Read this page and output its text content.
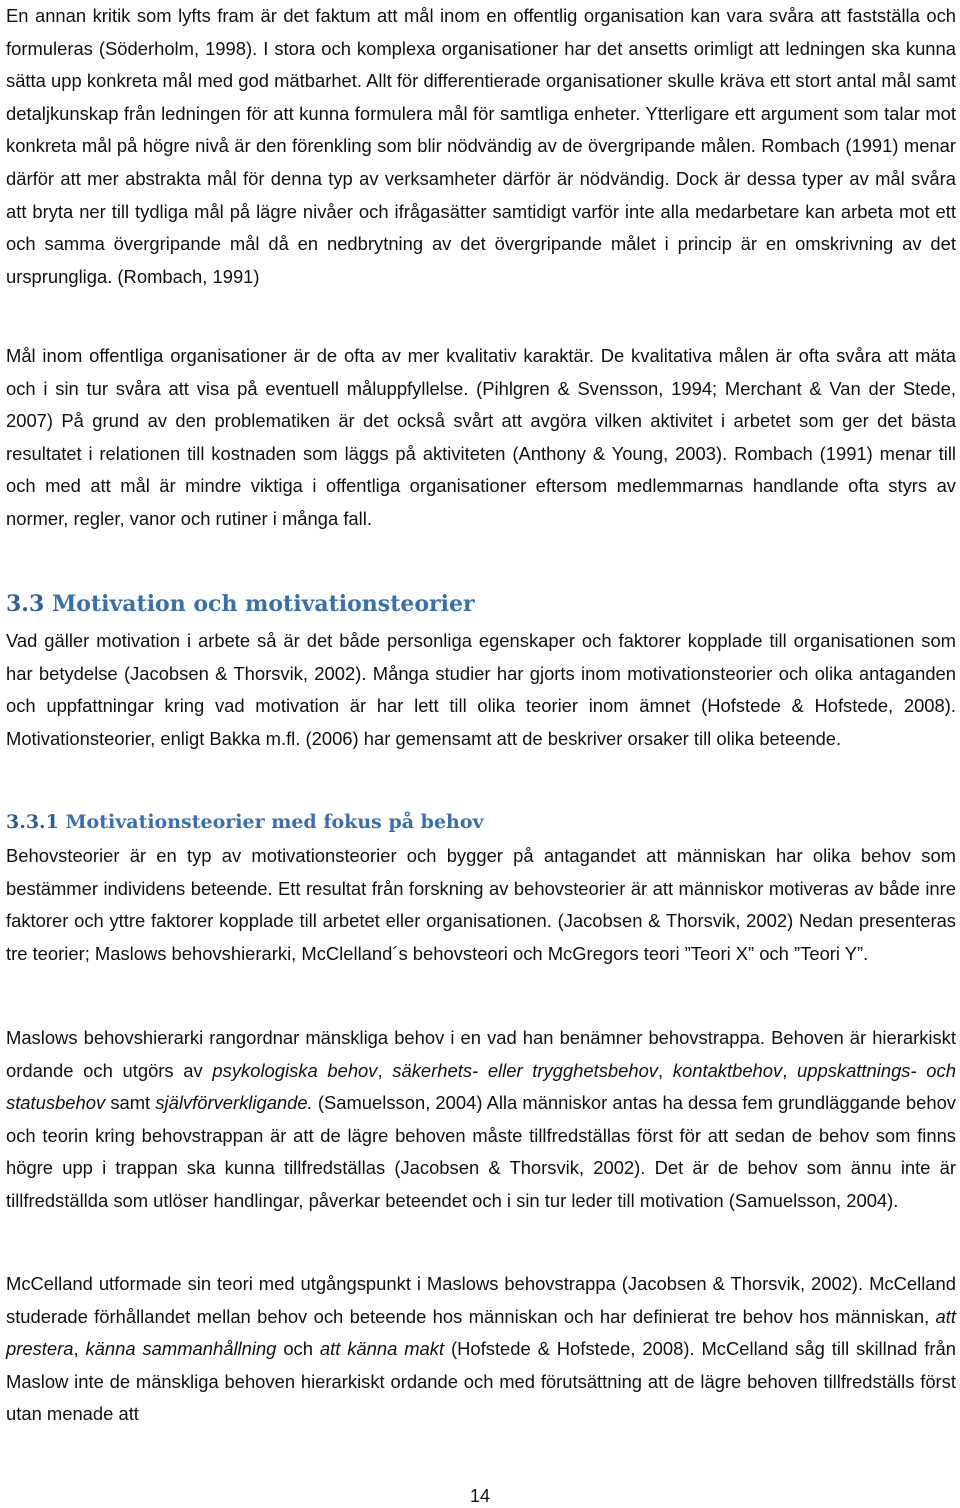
En annan kritik som lyfts fram är det faktum att mål inom en offentlig organisation kan vara svåra att fastställa och formuleras (Söderholm, 1998). I stora och komplexa organisationer har det ansetts orimligt att ledningen ska kunna sätta upp konkreta mål med god mätbarhet. Allt för differentierade organisationer skulle kräva ett stort antal mål samt detaljkunskap från ledningen för att kunna formulera mål för samtliga enheter. Ytterligare ett argument som talar mot konkreta mål på högre nivå är den förenkling som blir nödvändig av de övergripande målen. Rombach (1991) menar därför att mer abstrakta mål för denna typ av verksamheter därför är nödvändig. Dock är dessa typer av mål svåra att bryta ner till tydliga mål på lägre nivåer och ifrågasätter samtidigt varför inte alla medarbetare kan arbeta mot ett och samma övergripande mål då en nedbrytning av det övergripande målet i princip är en omskrivning av det ursprungliga. (Rombach, 1991)

Mål inom offentliga organisationer är de ofta av mer kvalitativ karaktär. De kvalitativa målen är ofta svåra att mäta och i sin tur svåra att visa på eventuell måluppfyllelse. (Pihlgren & Svensson, 1994; Merchant & Van der Stede, 2007) På grund av den problematiken är det också svårt att avgöra vilken aktivitet i arbetet som ger det bästa resultatet i relationen till kostnaden som läggs på aktiviteten (Anthony & Young, 2003). Rombach (1991) menar till och med att mål är mindre viktiga i offentliga organisationer eftersom medlemmarnas handlande ofta styrs av normer, regler, vanor och rutiner i många fall.

3.3 Motivation och motivationsteorier

Vad gäller motivation i arbete så är det både personliga egenskaper och faktorer kopplade till organisationen som har betydelse (Jacobsen & Thorsvik, 2002). Många studier har gjorts inom motivationsteorier och olika antaganden och uppfattningar kring vad motivation är har lett till olika teorier inom ämnet (Hofstede & Hofstede, 2008). Motivationsteorier, enligt Bakka m.fl. (2006) har gemensamt att de beskriver orsaker till olika beteende.

3.3.1 Motivationsteorier med fokus på behov

Behovsteorier är en typ av motivationsteorier och bygger på antagandet att människan har olika behov som bestämmer individens beteende. Ett resultat från forskning av behovsteorier är att människor motiveras av både inre faktorer och yttre faktorer kopplade till arbetet eller organisationen. (Jacobsen & Thorsvik, 2002) Nedan presenteras tre teorier; Maslows behovshierarki, McClelland´s behovsteori och McGregors teori ”Teori X” och ”Teori Y”.

Maslows behovshierarki rangordnar mänskliga behov i en vad han benämner behovstrappa. Behoven är hierarkiskt ordande och utgörs av psykologiska behov, säkerhets- eller trygghetsbehov, kontaktbehov, uppskattnings- och statusbehov samt självförverkligande. (Samuelsson, 2004) Alla människor antas ha dessa fem grundläggande behov och teorin kring behovstrappan är att de lägre behoven måste tillfredställas först för att sedan de behov som finns högre upp i trappan ska kunna tillfredställas (Jacobsen & Thorsvik, 2002). Det är de behov som ännu inte är tillfredställda som utlöser handlingar, påverkar beteendet och i sin tur leder till motivation (Samuelsson, 2004).

McCelland utformade sin teori med utgångspunkt i Maslows behovstrappa (Jacobsen & Thorsvik, 2002). McCelland studerade förhållandet mellan behov och beteende hos människan och har definierat tre behov hos människan, att prestera, känna sammanhållning och att känna makt (Hofstede & Hofstede, 2008). McCelland såg till skillnad från Maslow inte de mänskliga behoven hierarkiskt ordande och med förutsättning att de lägre behoven tillfredställs först utan menade att

14
